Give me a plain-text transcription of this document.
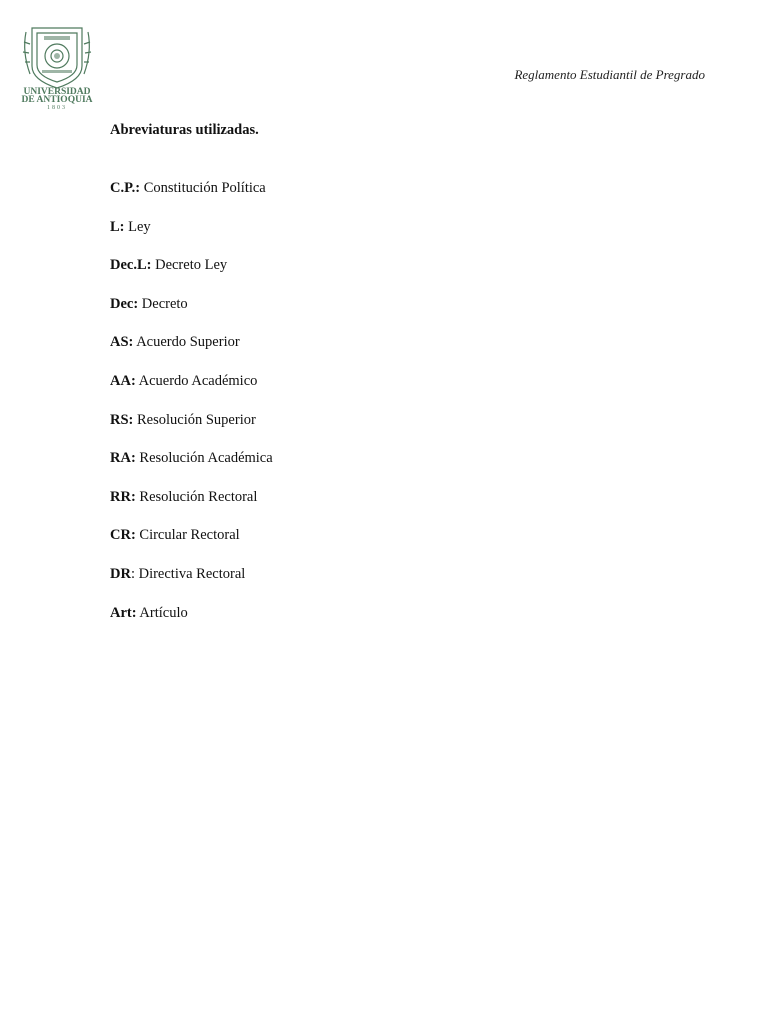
UNIVERSIDAD
DE ANTIOQUIA
1803
Reglamento Estudiantil de Pregrado
Abreviaturas utilizadas.
C.P.: Constitución Política
L: Ley
Dec.L: Decreto Ley
Dec: Decreto
AS: Acuerdo Superior
AA: Acuerdo Académico
RS: Resolución Superior
RA: Resolución Académica
RR: Resolución Rectoral
CR: Circular Rectoral
DR: Directiva Rectoral
Art: Artículo
